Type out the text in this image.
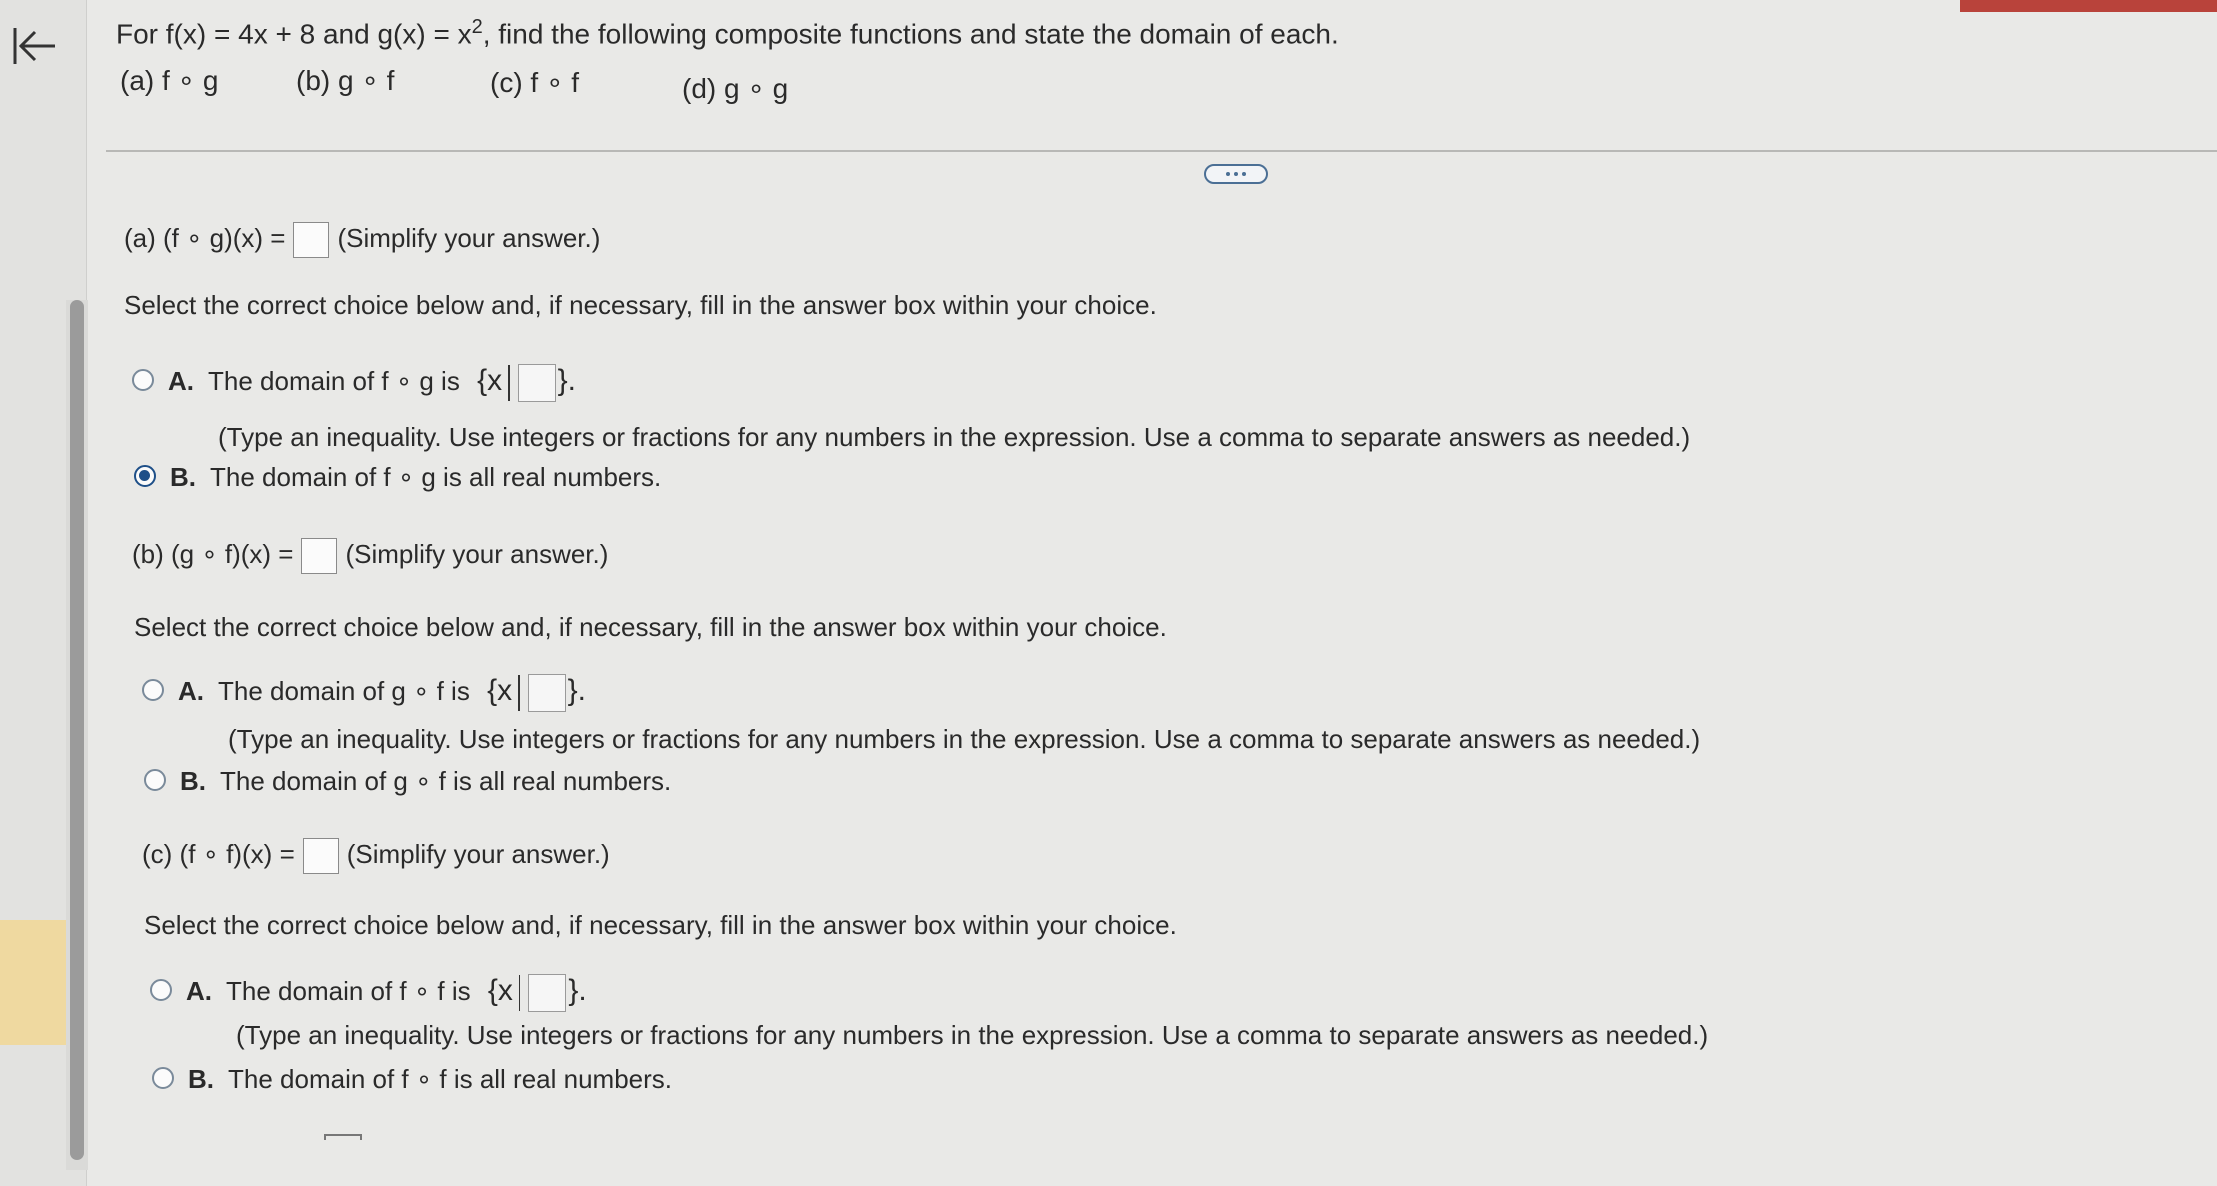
For f(x) = 4x + 8 and $g(x) = x^2$, find the following composite functions and state the domain of each.
(a) f ∘ g	(b) g ∘ f	(c) f ∘ f	(d) g ∘ g
(a) (f ∘ g)(x) = (Simplify your answer.)
Select the correct choice below and, if necessary, fill in the answer box within your choice.
A. The domain of f ∘ g is {x }.
(Type an inequality. Use integers or fractions for any numbers in the expression. Use a comma to separate answers as needed.)
B. The domain of f ∘ g is all real numbers.
(b) (g ∘ f)(x) = (Simplify your answer.)
Select the correct choice below and, if necessary, fill in the answer box within your choice.
A. The domain of g ∘ f is {x }.
(Type an inequality. Use integers or fractions for any numbers in the expression. Use a comma to separate answers as needed.)
B. The domain of g ∘ f is all real numbers.
(c) (f ∘ f)(x) = (Simplify your answer.)
Select the correct choice below and, if necessary, fill in the answer box within your choice.
A. The domain of f ∘ f is {x }.
(Type an inequality. Use integers or fractions for any numbers in the expression. Use a comma to separate answers as needed.)
B. The domain of f ∘ f is all real numbers.
